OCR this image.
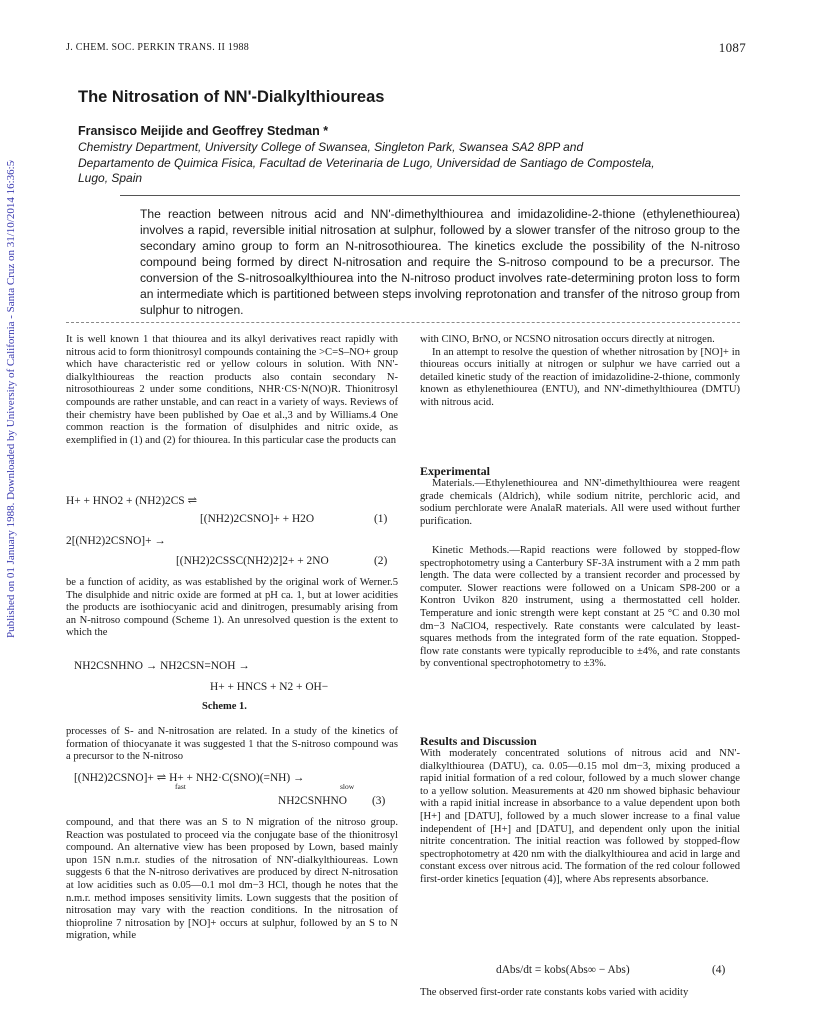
Published on 01 January 1988. Downloaded by University of California - Santa Cruz on 31/10/2014 16:36:50.
J. CHEM. SOC. PERKIN TRANS. II 1988	1087
The Nitrosation of NN'-Dialkylthioureas
Fransisco Meijide and Geoffrey Stedman *
Chemistry Department, University College of Swansea, Singleton Park, Swansea SA2 8PP and
Departamento de Quimica Fisica, Facultad de Veterinaria de Lugo, Universidad de Santiago de Compostela,
Lugo, Spain
The reaction between nitrous acid and NN'-dimethylthiourea and imidazolidine-2-thione (ethylenethiourea) involves a rapid, reversible initial nitrosation at sulphur, followed by a slower transfer of the nitroso group to the secondary amino group to form an N-nitrosothiourea. The kinetics exclude the possibility of the N-nitroso compound being formed by direct N-nitrosation and require the S-nitroso compound to be a precursor. The conversion of the S-nitrosoalkylthiourea into the N-nitroso product involves rate-determining proton loss to form an intermediate which is partitioned between steps involving reprotonation and transfer of the nitroso group from sulphur to nitrogen.

It is well known 1 that thiourea and its alkyl derivatives react rapidly with nitrous acid to form thionitrosyl compounds containing the >C=S–NO+ group which have characteristic red or yellow colours in solution. With NN'-dialkylthioureas the reaction products also contain secondary N-nitrosothioureas 2 under some conditions, NHR·CS·N(NO)R. Thionitrosyl compounds are rather unstable, and can react in a variety of ways. Reviews of their chemistry have been published by Oae et al.,3 and by Williams.4 One common reaction is the formation of disulphides and nitric oxide, as exemplified in (1) and (2) for thiourea. In this particular case the products can

H+ + HNO2 + (NH2)2CS ⇌
[(NH2)2CSNO]+ + H2O	(1)
2[(NH2)2CSNO]+ →
[(NH2)2CSSC(NH2)2]2+ + 2NO	(2)

be a function of acidity, as was established by the original work of Werner.5 The disulphide and nitric oxide are formed at pH ca. 1, but at lower acidities the products are isothiocyanic acid and dinitrogen, presumably arising from an N-nitroso compound (Scheme 1). An unresolved question is the extent to which the

NH2CSNHNO → NH2CSN=NOH →
H+ + HNCS + N2 + OH−
Scheme 1.

processes of S- and N-nitrosation are related. In a study of the kinetics of formation of thiocyanate it was suggested 1 that the S-nitroso compound was a precursor to the N-nitroso

[(NH2)2CSNO]+ ⇌ H+ + NH2·C(SNO)(=NH) →
fast	slow
NH2CSNHNO (3)

compound, and that there was an S to N migration of the nitroso group. Reaction was postulated to proceed via the conjugate base of the thionitrosyl compound. An alternative view has been proposed by Lown, based mainly upon 15N n.m.r. studies of the nitrosation of NN'-dialkylthioureas. Lown suggests 6 that the N-nitroso derivatives are produced by direct N-nitrosation at low acidities such as 0.05—0.1 mol dm−3 HCl, though he notes that the n.m.r. method imposes sensitivity limits. Lown suggests that the position of nitrosation may vary with the reaction conditions. In the nitrosation of thioproline 7 nitrosation by [NO]+ occurs at sulphur, followed by an S to N migration, while

with ClNO, BrNO, or NCSNO nitrosation occurs directly at nitrogen.

In an attempt to resolve the question of whether nitrosation by [NO]+ in thioureas occurs initially at nitrogen or sulphur we have carried out a detailed kinetic study of the reaction of imidazolidine-2-thione, commonly known as ethylenethiourea (ENTU), and NN'-dimethylthiourea (DMTU) with nitrous acid.

Experimental

Materials.—Ethylenethiourea and NN'-dimethylthiourea were reagent grade chemicals (Aldrich), while sodium nitrite, perchloric acid, and sodium perchlorate were AnalaR materials. All were used without further purification.

Kinetic Methods.—Rapid reactions were followed by stopped-flow spectrophotometry using a Canterbury SF-3A instrument with a 2 mm path length. The data were collected by a transient recorder and processed by computer. Slower reactions were followed on a Unicam SP8-200 or a Kontron Uvikon 820 instrument, using a thermostatted cell holder. Temperature and ionic strength were kept constant at 25 °C and 0.30 mol dm−3 NaClO4, respectively. Rate constants were calculated by least-squares methods from the integrated form of the rate equation. Stopped-flow rate constants were typically reproducible to ±4%, and rate constants by conventional spectrophotometry to ±3%.

Results and Discussion

With moderately concentrated solutions of nitrous acid and NN'-dialkylthiourea (DATU), ca. 0.05—0.15 mol dm−3, mixing produced a rapid initial formation of a red colour, followed by a much slower change to a yellow solution. Measurements at 420 nm showed biphasic behaviour with a rapid initial increase in absorbance to a value dependent upon both [H+] and [DATU], followed by a much slower increase to a final value independent of [H+] and [DATU], and dependent only upon the initial nitrite concentration. The initial reaction was followed by stopped-flow spectrophotometry at 420 nm with the dialkylthiourea and acid in large and constant excess over nitrous acid. The formation of the red colour followed first-order kinetics [equation (4)], where Abs represents absorbance.

dAbs/dt = kobs(Abs∞ − Abs)	(4)

The observed first-order rate constants kobs varied with acidity
